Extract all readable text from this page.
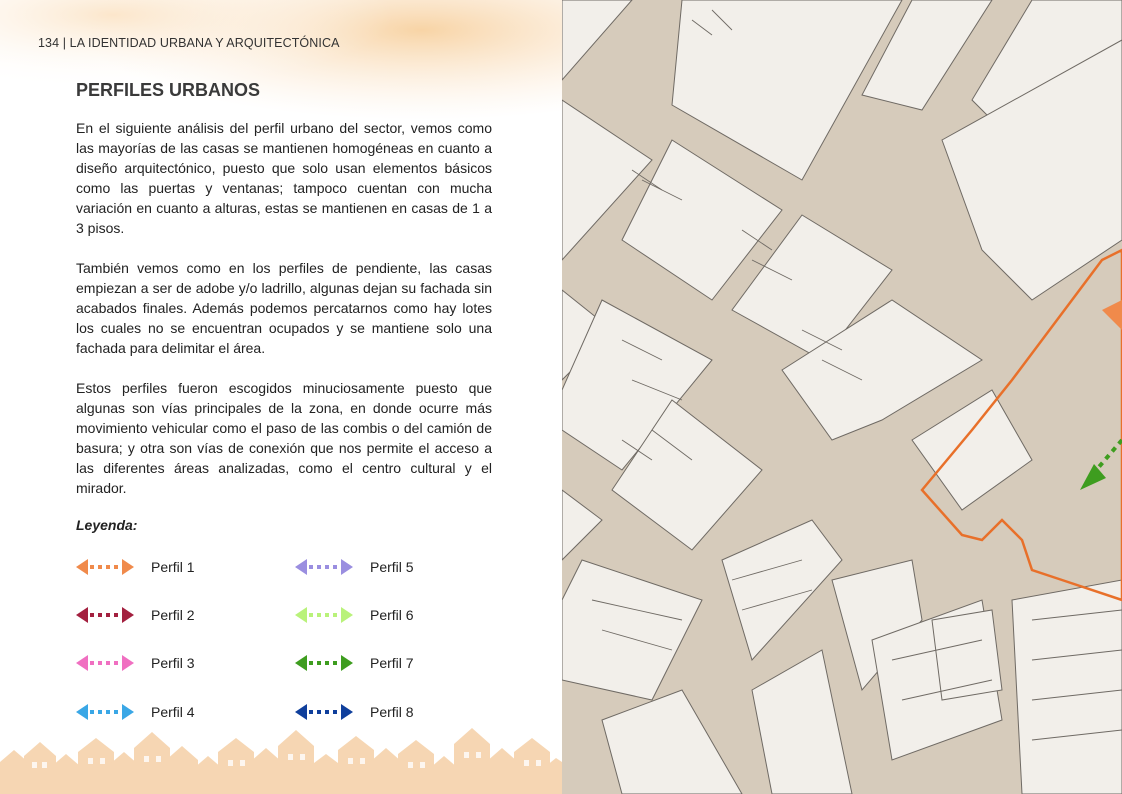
134 | LA IDENTIDAD URBANA Y ARQUITECTÓNICA
PERFILES URBANOS

En el siguiente análisis del perfil urbano del sector, vemos como las mayorías de las casas se mantienen homogéneas en cuanto a diseño arquitectónico, puesto que solo usan elementos básicos como las puertas y ventanas; tampoco cuentan con mucha variación en cuanto a alturas, estas se mantienen en casas de 1 a 3 pisos.

También vemos como en los perfiles de pendiente, las casas empiezan a ser de adobe y/o ladrillo, algunas dejan su fachada sin acabados finales. Además podemos percatarnos como hay lotes los cuales no se encuentran ocupados y se mantiene solo una fachada para delimitar el área.

Estos perfiles fueron escogidos minuciosamente puesto que algunas son vías principales de la zona, en donde ocurre más movimiento vehicular como el paso de las combis o del camión de basura; y otra son vías de conexión que nos permite el acceso a las diferentes áreas analizadas, como el centro cultural y el mirador.

Leyenda:
Perfil 1
Perfil 2
Perfil 3
Perfil 4
Perfil 5
Perfil 6
Perfil 7
Perfil 8
